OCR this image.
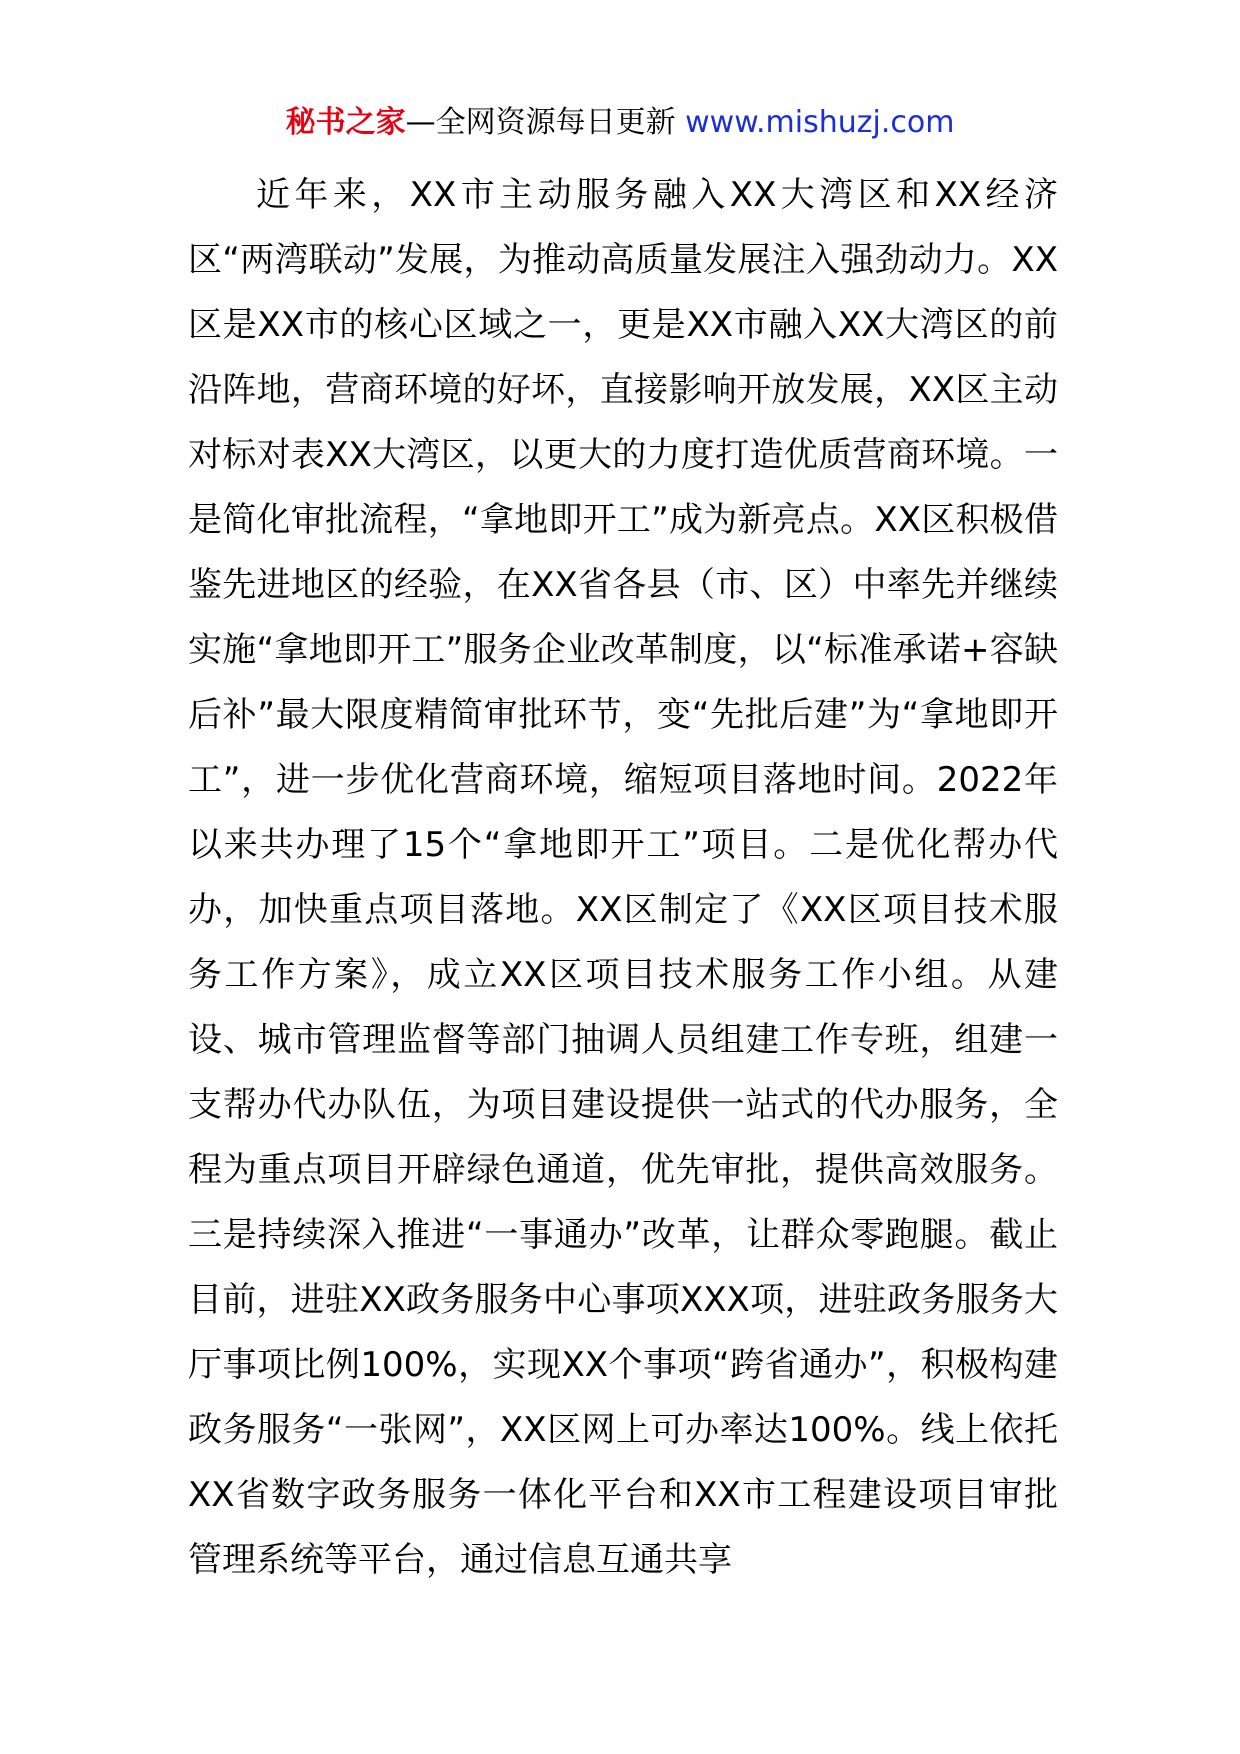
秘书之家—全网资源每日更新 www.mishuzj.com

近年来，XX市主动服务融入XX大湾区和XX经济区“两湾联动”发展，为推动高质量发展注入强劲动力。XX区是XX市的核心区域之一，更是XX市融入XX大湾区的前沿阵地，营商环境的好坏，直接影响开放发展，XX区主动对标对表XX大湾区，以更大的力度打造优质营商环境。一是简化审批流程，“拿地即开工”成为新亮点。XX区积极借鉴先进地区的经验，在XX省各县（市、区）中率先并继续实施“拿地即开工”服务企业改革制度，以“标准承诺+容缺后补”最大限度精简审批环节，变“先批后建”为“拿地即开工”，进一步优化营商环境，缩短项目落地时间。2022年以来共办理了15个“拿地即开工”项目。二是优化帮办代办，加快重点项目落地。XX区制定了《XX区项目技术服务工作方案》，成立XX区项目技术服务工作小组。从建设、城市管理监督等部门抽调人员组建工作专班，组建一支帮办代办队伍，为项目建设提供一站式的代办服务，全程为重点项目开辟绿色通道，优先审批，提供高效服务。三是持续深入推进“一事通办”改革，让群众零跑腿。截止目前，进驻XX政务服务中心事项XXX项，进驻政务服务大厅事项比例100%，实现XX个事项“跨省通办”，积极构建政务服务“一张网”，XX区网上可办率达100%。线上依托XX省数字政务服务一体化平台和XX市工程建设项目审批管理系统等平台，通过信息互通共享
